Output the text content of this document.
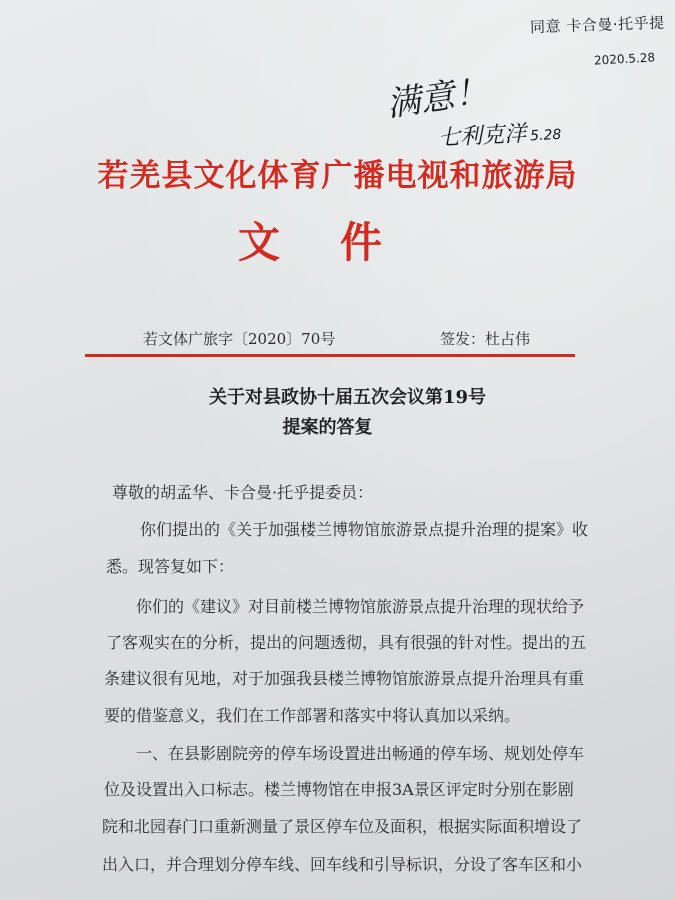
同意 卡合曼·托乎提
2020.5.28
满意！
七利克洋 5.28
若羌县文化体育广播电视和旅游局
文件
若文体广旅字〔2020〕70号	签发：杜占伟
关于对县政协十届五次会议第19号
提案的答复
尊敬的胡孟华、卡合曼·托乎提委员：
你们提出的《关于加强楼兰博物馆旅游景点提升治理的提案》收
悉。现答复如下：
你们的《建议》对目前楼兰博物馆旅游景点提升治理的现状给予
了客观实在的分析，提出的问题透彻，具有很强的针对性。提出的五
条建议很有见地，对于加强我县楼兰博物馆旅游景点提升治理具有重
要的借鉴意义，我们在工作部署和落实中将认真加以采纳。
一、在县影剧院旁的停车场设置进出畅通的停车场、规划处停车
位及设置出入口标志。楼兰博物馆在申报3A景区评定时分别在影剧
院和北园春门口重新测量了景区停车位及面积，根据实际面积增设了
出入口，并合理划分停车线、回车线和引导标识，分设了客车区和小
